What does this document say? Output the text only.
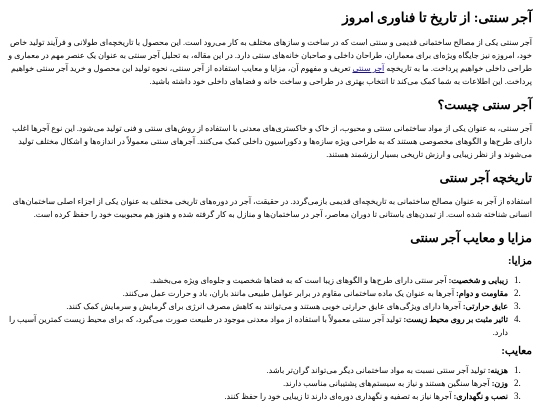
آجر سنتی: از تاریخ تا فناوری امروز

آجر سنتی یکی از مصالح ساختمانی قدیمی و سنتی است که در ساخت و سازهای مختلف به کار می‌رود است. این محصول با تاریخچه‌ای طولانی و فرآیند تولید خاص خود، امروزه نیز جایگاه ویژه‌ای برای معماران، طراحان داخلی و صاحبان خانه‌های سنتی دارد. در این مقاله، به تحلیل آجر سنتی به عنوان یک عنصر مهم در معماری و طراحی داخلی خواهیم پرداخت. ما به تاریخچه آجر سنتی تعریف و مفهوم آن، مزایا و معایب استفاده از آجر سنتی، نحوه تولید این محصول و خرید آجر سنتی خواهیم پرداخت. این اطلاعات به شما کمک می‌کند تا انتخاب بهتری در طراحی و ساخت خانه و فضاهای داخلی خود داشته باشید.

آجر سنتی چیست؟

آجر سنتی، به عنوان یکی از مواد ساختمانی سنتی و محبوب، از خاک و خاکستری‌های معدنی با استفاده از روش‌های سنتی و فنی تولید می‌شود. این نوع آجرها اغلب دارای طرح‌ها و الگوهای مخصوصی هستند که به طراحی ویژه سازه‌ها و دکوراسیون داخلی کمک می‌کنند. آجرهای سنتی معمولاً در اندازه‌ها و اشکال مختلف تولید می‌شوند و از نظر زیبایی و ارزش تاریخی بسیار ارزشمند هستند.

تاریخچه آجر سنتی

استفاده از آجر به عنوان مصالح ساختمانی به تاریخچه‌ای قدیمی بازمی‌گردد. در حقیقت، آجر در دوره‌های تاریخی مختلف به عنوان یکی از اجزاء اصلی ساختمان‌های انسانی شناخته شده است. از تمدن‌های باستانی تا دوران معاصر، آجر در ساختمان‌ها و منازل به کار گرفته شده و هنوز هم محبوبیت خود را حفظ کرده است.

مزایا و معایب آجر سنتی
مزایا:
زیبایی و شخصیت: آجر سنتی دارای طرح‌ها و الگوهای زیبا است که به فضاها شخصیت و جلوه‌ای ویژه می‌بخشد.
مقاومت و دوام: آجرها به عنوان یک ماده ساختمانی مقاوم در برابر عوامل طبیعی مانند باران، باد و حرارت عمل می‌کنند.
عایق حرارتی: آجرها دارای ویژگی‌های عایق حرارتی خوبی هستند و می‌توانند به کاهش مصرف انرژی برای گرمایش و سرمایش کمک کنند.
تاثیر مثبت بر روی محیط زیست: تولید آجر سنتی معمولاً با استفاده از مواد معدنی موجود در طبیعت صورت می‌گیرد، که برای محیط زیست کمترین آسیب را دارد.
معایب:
هزینه: تولید آجر سنتی نسبت به مواد ساختمانی دیگر می‌تواند گران‌تر باشد.
وزن: آجرها سنگین هستند و نیاز به سیستم‌های پشتیبانی مناسب دارند.
نصب و نگهداری: آجرها نیاز به تصفیه و نگهداری دوره‌ای دارند تا زیبایی خود را حفظ کنند.
